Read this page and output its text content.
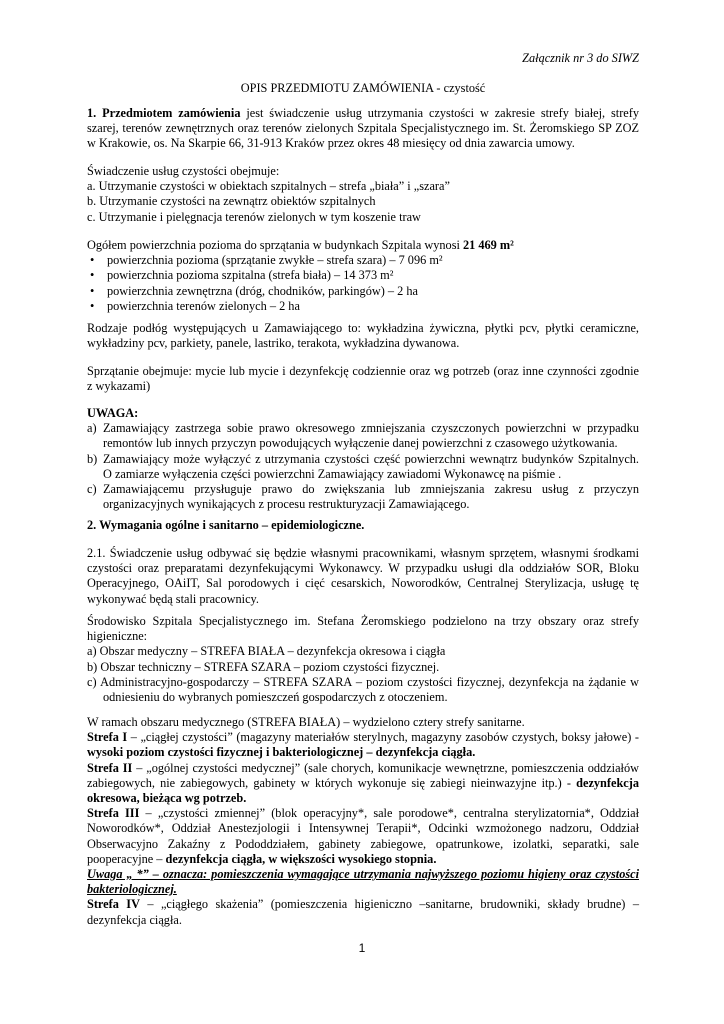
Załącznik nr 3 do SIWZ
OPIS PRZEDMIOTU ZAMÓWIENIA - czystość

1. Przedmiotem zamówienia jest świadczenie usług utrzymania czystości w zakresie strefy białej, strefy szarej, terenów zewnętrznych oraz terenów zielonych Szpitala Specjalistycznego im. St. Żeromskiego SP ZOZ w Krakowie, os. Na Skarpie 66, 31-913 Kraków przez okres 48 miesięcy od dnia zawarcia umowy.

Świadczenie usług czystości obejmuje:

a. Utrzymanie czystości w obiektach szpitalnych – strefa „biała” i „szara”

b. Utrzymanie czystości na zewnątrz obiektów szpitalnych

c. Utrzymanie i pielęgnacja terenów zielonych w tym koszenie traw

Ogółem powierzchnia pozioma do sprzątania w budynkach Szpitala wynosi 21 469 m²

• powierzchnia pozioma (sprzątanie zwykłe – strefa szara) – 7 096 m²
• powierzchnia pozioma szpitalna (strefa biała) – 14 373 m²
• powierzchnia zewnętrzna (dróg, chodników, parkingów) – 2 ha
• powierzchnia terenów zielonych – 2 ha

Rodzaje podłóg występujących u Zamawiającego to: wykładzina żywiczna, płytki pcv, płytki ceramiczne, wykładziny pcv, parkiety, panele, lastriko, terakota, wykładzina dywanowa.

Sprzątanie obejmuje: mycie lub mycie i dezynfekcję codziennie oraz wg potrzeb (oraz inne czynności zgodnie z wykazami)

UWAGA:

a) Zamawiający zastrzega sobie prawo okresowego zmniejszania czyszczonych powierzchni w przypadku remontów lub innych przyczyn powodujących wyłączenie danej powierzchni z czasowego użytkowania.

b) Zamawiający może wyłączyć z utrzymania czystości część powierzchni wewnątrz budynków Szpitalnych. O zamiarze wyłączenia części powierzchni Zamawiający zawiadomi Wykonawcę na piśmie .

c) Zamawiającemu przysługuje prawo do zwiększania lub zmniejszania zakresu usług z przyczyn organizacyjnych wynikających z procesu restrukturyzacji Zamawiającego.

2. Wymagania ogólne i sanitarno – epidemiologiczne.

2.1. Świadczenie usług odbywać się będzie własnymi pracownikami, własnym sprzętem, własnymi środkami czystości oraz preparatami dezynfekującymi Wykonawcy. W przypadku usługi dla oddziałów SOR, Bloku Operacyjnego, OAiIT, Sal porodowych i cięć cesarskich, Noworodków, Centralnej Sterylizacja, usługę tę wykonywać będą stali pracownicy.

Środowisko Szpitala Specjalistycznego im. Stefana Żeromskiego podzielono na trzy obszary oraz strefy higieniczne:

a) Obszar medyczny – STREFA BIAŁA – dezynfekcja okresowa i ciągła

b) Obszar techniczny – STREFA SZARA – poziom czystości fizycznej.

c) Administracyjno-gospodarczy – STREFA SZARA – poziom czystości fizycznej, dezynfekcja na żądanie w odniesieniu do wybranych pomieszczeń gospodarczych z otoczeniem.

W ramach obszaru medycznego (STREFA BIAŁA) – wydzielono cztery strefy sanitarne.

Strefa I – „ciągłej czystości” (magazyny materiałów sterylnych, magazyny zasobów czystych, boksy jałowe) - wysoki poziom czystości fizycznej i bakteriologicznej – dezynfekcja ciągła.

Strefa II – „ogólnej czystości medycznej” (sale chorych, komunikacje wewnętrzne, pomieszczenia oddziałów zabiegowych, nie zabiegowych, gabinety w których wykonuje się zabiegi nieinwazyjne itp.) - dezynfekcja okresowa, bieżąca wg potrzeb.

Strefa III – „czystości zmiennej” (blok operacyjny*, sale porodowe*, centralna sterylizatornia*, Oddział Noworodków*, Oddział Anestezjologii i Intensywnej Terapii*, Odcinki wzmożonego nadzoru, Oddział Obserwacyjno Zakaźny z Pododdziałem, gabinety zabiegowe, opatrunkowe, izolatki, separatki, sale pooperacyjne – dezynfekcja ciągła, w większości wysokiego stopnia.

Uwaga „ *” – oznacza: pomieszczenia wymagające utrzymania najwyższego poziomu higieny oraz czystości bakteriologicznej.

Strefa IV – „ciągłego skażenia” (pomieszczenia higieniczno –sanitarne, brudowniki, składy brudne) – dezynfekcja ciągła.

1
